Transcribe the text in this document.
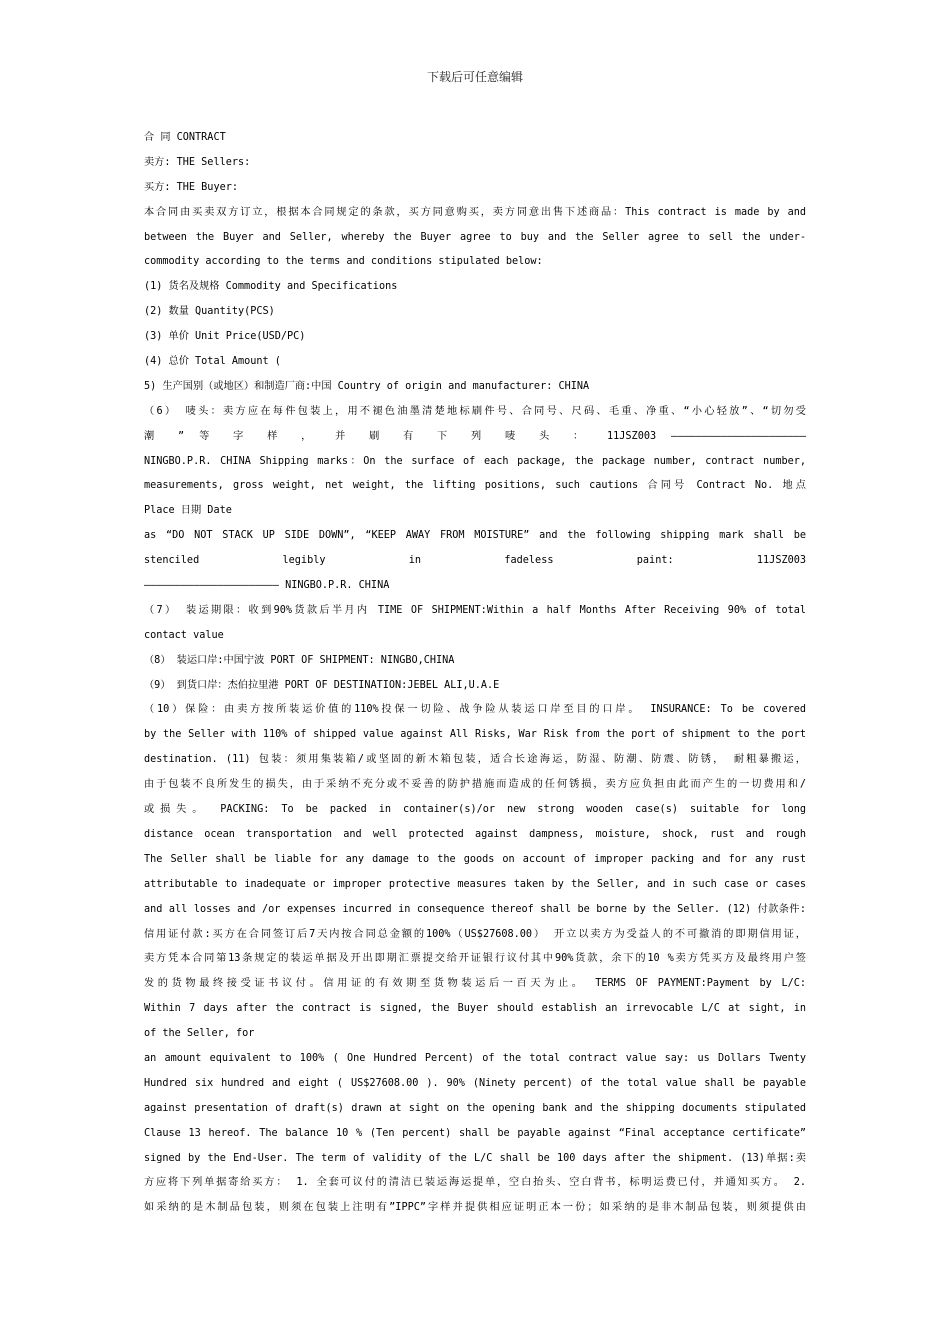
下载后可任意编辑
合 同 CONTRACT
卖方: THE Sellers:
买方: THE Buyer:
本合同由买卖双方订立，根据本合同规定的条款，买方同意购买，卖方同意出售下述商品：This contract is made by and
between the Buyer and Seller, whereby the Buyer agree to buy and the Seller agree to sell the under-
commodity according to the terms and conditions stipulated below:
(1) 货名及规格 Commodity and Specifications
(2) 数量 Quantity(PCS)
(3) 单价 Unit Price(USD/PC)
(4) 总价 Total Amount (
5) 生产国别（或地区）和制造厂商:中国 Country of origin and manufacturer: CHINA
（6） 唛头：卖方应在每件包装上，用不褪色油墨清楚地标刷件号、合同号、尺码、毛重、净重、“小心轻放”、“切勿受
潮 ” 等 字 样 ， 并 刷 有 下 列 唛 头 ： 11JSZ003 ——————————————————————
NINGBO.P.R. CHINA Shipping marks：On the surface of each package, the package number, contract number,
measurements, gross weight, net weight, the lifting positions, such cautions 合同号 Contract No. 地点
Place 日期 Date
as “DO NOT STACK UP SIDE DOWN”, “KEEP AWAY FROM MOISTURE” and the following shipping mark shall be
stenciled legibly in fadeless paint: 11JSZ003
—————————————————————— NINGBO.P.R. CHINA
（7） 装运期限：收到90%货款后半月内 TIME OF SHIPMENT:Within a half Months After Receiving 90% of total
contact value
（8） 装运口岸:中国宁波 PORT OF SHIPMENT: NINGBO,CHINA
（9） 到货口岸：杰伯拉里港 PORT OF DESTINATION:JEBEL ALI,U.A.E
（10）保险：由卖方按所装运价值的110%投保一切险、战争险从装运口岸至目的口岸。 INSURANCE: To be covered
by the Seller with 110% of shipped value against All Risks, War Risk from the port of shipment to the port
destination. (11) 包装：须用集装箱/或坚固的新木箱包装，适合长途海运，防湿、防潮、防震、防锈， 耐粗暴搬运，
由于包装不良所发生的损失，由于采纳不充分或不妥善的防护措施而造成的任何锈损，卖方应负担由此而产生的一切费用和/
或损失。 PACKING: To be packed in container(s)/or new strong wooden case(s) suitable for long
distance ocean transportation and well protected against dampness, moisture, shock, rust and rough
The Seller shall be liable for any damage to the goods on account of improper packing and for any rust
attributable to inadequate or improper protective measures taken by the Seller, and in such case or cases
and all losses and /or expenses incurred in consequence thereof shall be borne by the Seller. (12) 付款条件:
信用证付款:买方在合同签订后7天内按合同总金额的100%（US$27608.00） 开立以卖方为受益人的不可撤消的即期信用证，
卖方凭本合同第13条规定的装运单据及开出即期汇票提交给开证银行议付其中90%货款，余下的10 %卖方凭买方及最终用户签
发的货物最终接受证书议付。信用证的有效期至货物装运后一百天为止。 TERMS OF PAYMENT:Payment by L/C:
Within 7 days after the contract is signed, the Buyer should establish an irrevocable L/C at sight, in
of the Seller, for
an amount equivalent to 100% ( One Hundred Percent) of the total contract value say: us Dollars Twenty
Hundred six hundred and eight ( US$27608.00 ). 90% (Ninety percent) of the total value shall be payable
against presentation of draft(s) drawn at sight on the opening bank and the shipping documents stipulated
Clause 13 hereof. The balance 10 % (Ten percent) shall be payable against “Final acceptance certificate”
signed by the End-User. The term of validity of the L/C shall be 100 days after the shipment. (13)单据:卖
方应将下列单据寄给买方： 1. 全套可议付的清洁已装运海运提单，空白抬头、空白背书，标明运费已付，并通知买方。 2.
如采纳的是木制品包装，则须在包装上注明有”IPPC”字样并提供相应证明正本一份；如采纳的是非木制品包装，则须提供由
